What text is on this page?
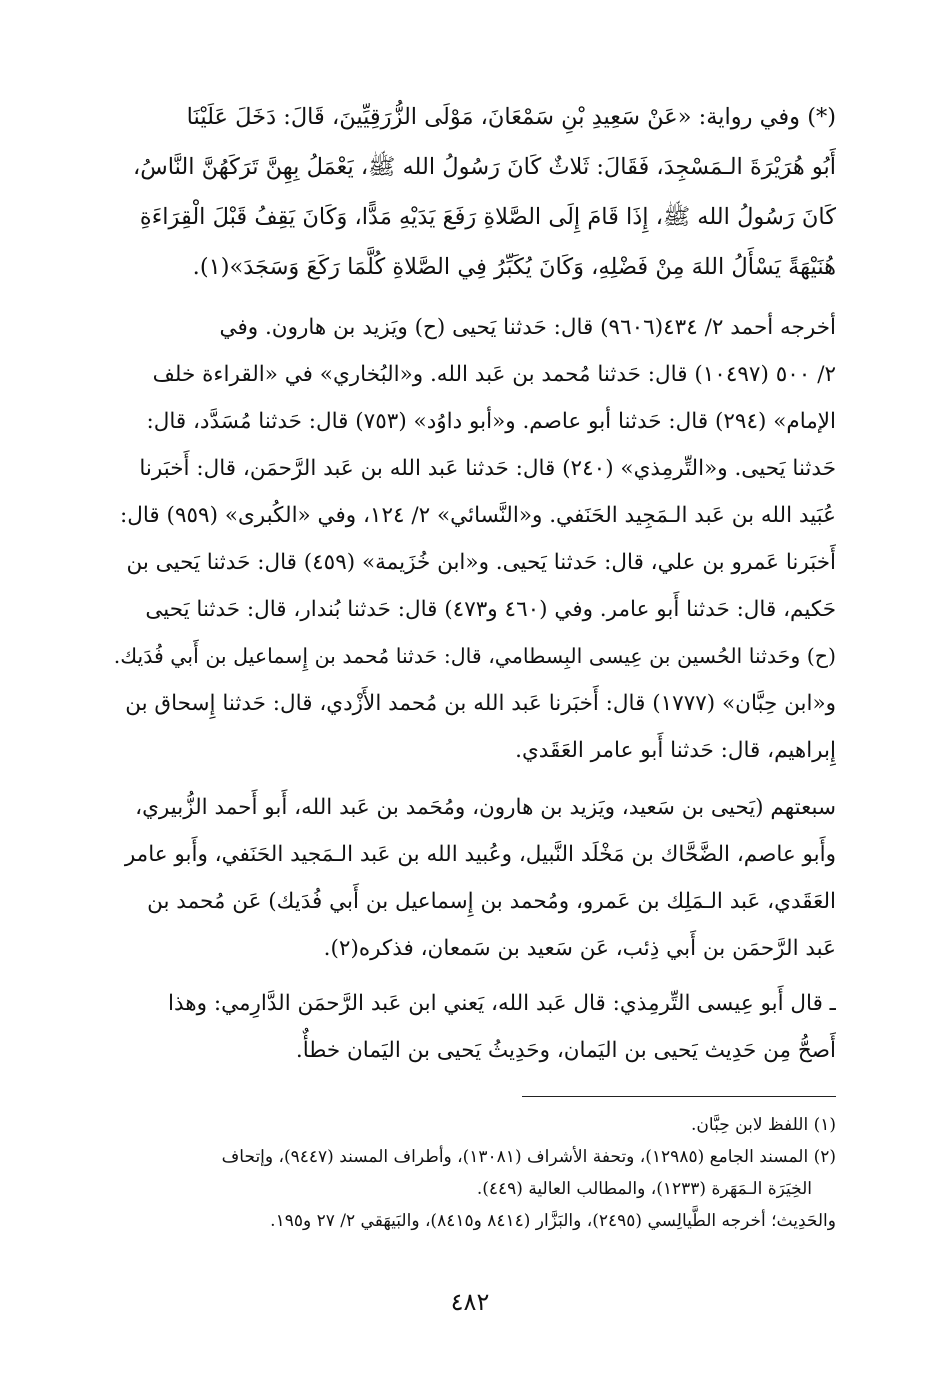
(*) وفي رواية: «عَنْ سَعِيدِ بْنِ سَمْعَانَ، مَوْلَى الزُّرَقِيِّينَ، قَالَ: دَخَلَ عَلَيْنَا
أَبُو هُرَيْرَةَ الـمَسْجِدَ، فَقَالَ: ثَلاثٌ كَانَ رَسُولُ الله ﷺ، يَعْمَلُ بِهِنَّ تَرَكَهُنَّ النَّاسُ،
كَانَ رَسُولُ الله ﷺ، إِذَا قَامَ إِلَى الصَّلاةِ رَفَعَ يَدَيْهِ مَدًّا، وَكَانَ يَقِفُ قَبْلَ الْقِرَاءَةِ
هُنَيْهَةً يَسْأَلُ اللهَ مِنْ فَضْلِهِ، وَكَانَ يُكَبِّرُ فِي الصَّلاةِ كُلَّمَا رَكَعَ وَسَجَدَ»(١).
أخرجه أحمد ٢/ ٤٣٤(٩٦٠٦) قال: حَدثنا يَحيى (ح) ويَزيد بن هارون. وفي
٢/ ٥٠٠ (١٠٤٩٧) قال: حَدثنا مُحمد بن عَبد الله. و«البُخاري» في «القراءة خلف
الإمام» (٢٩٤) قال: حَدثنا أبو عاصم. و«أبو داوُد» (٧٥٣) قال: حَدثنا مُسَدَّد، قال:
حَدثنا يَحيى. و«التِّرمِذي» (٢٤٠) قال: حَدثنا عَبد الله بن عَبد الرَّحمَن، قال: أَخبَرنا
عُبَيد الله بن عَبد الـمَجِيد الحَنَفي. و«النَّسائي» ٢/ ١٢٤، وفي «الكُبرى» (٩٥٩) قال:
أَخبَرنا عَمرو بن علي، قال: حَدثنا يَحيى. و«ابن خُزَيمة» (٤٥٩) قال: حَدثنا يَحيى بن
حَكيم، قال: حَدثنا أَبو عامر. وفي (٤٦٠ و٤٧٣) قال: حَدثنا بُندار، قال: حَدثنا يَحيى
(ح) وحَدثنا الحُسين بن عِيسى البِسطامي، قال: حَدثنا مُحمد بن إِسماعيل بن أَبي فُدَيك.
و«ابن حِبَّان» (١٧٧٧) قال: أَخبَرنا عَبد الله بن مُحمد الأَزْدي، قال: حَدثنا إِسحاق بن
إِبراهيم، قال: حَدثنا أَبو عامر العَقَدي.
سبعتهم (يَحيى بن سَعيد، ويَزيد بن هارون، ومُحَمد بن عَبد الله، أَبو أَحمد الزُّبيري،
وأَبو عاصم، الضَّحَّاك بن مَخْلَد النَّبيل، وعُبيد الله بن عَبد الـمَجيد الحَنَفي، وأَبو عامر
العَقَدي، عَبد الـمَلِك بن عَمرو، ومُحمد بن إِسماعيل بن أَبي فُدَيك) عَن مُحمد بن
عَبد الرَّحمَن بن أَبي ذِئب، عَن سَعيد بن سَمعان، فذكره(٢).
ـ قال أَبو عِيسى التِّرمِذي: قال عَبد الله، يَعني ابن عَبد الرَّحمَن الدَّارِمي: وهذا
أَصحُّ مِن حَدِيث يَحيى بن اليَمان، وحَدِيثُ يَحيى بن اليَمان خطأٌ.
(١) اللفظ لابن حِبَّان.
(٢) المسند الجامع (١٢٩٨٥)، وتحفة الأشراف (١٣٠٨١)، وأطراف المسند (٩٤٤٧)، وإتحاف
الخِيَرَة الـمَهَرة (١٢٣٣)، والمطالب العالية (٤٤٩).
والحَدِيث؛ أخرجه الطَّيالِسي (٢٤٩٥)، والبَزَّار (٨٤١٤ و٨٤١٥)، والبَيهَقي ٢/ ٢٧ و١٩٥.
٤٨٢
